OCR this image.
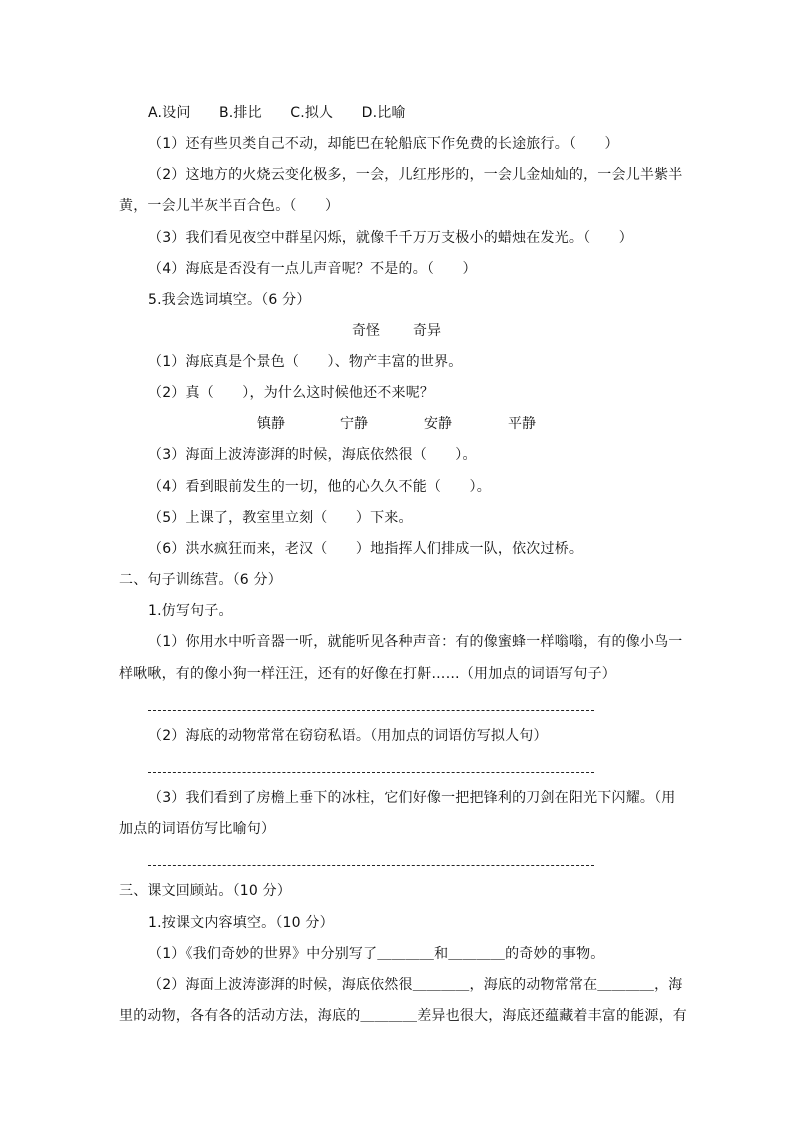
A.设问　　B.排比　　C.拟人　　D.比喻
（1）还有些贝类自己不动，却能巴在轮船底下作免费的长途旅行。（　　）
（2）这地方的火烧云变化极多，一会，儿红彤彤的，一会儿金灿灿的，一会儿半紫半
黄，一会儿半灰半百合色。（　　）
（3）我们看见夜空中群星闪烁，就像千千万万支极小的蜡烛在发光。（　　）
（4）海底是否没有一点儿声音呢？不是的。（　　）
5.我会选词填空。（6 分）
奇怪 奇异
（1）海底真是个景色（　　）、物产丰富的世界。
（2）真（　　），为什么这时候他还不来呢？
镇静	宁静	安静	平静
（3）海面上波涛澎湃的时候，海底依然很（　　）。
（4）看到眼前发生的一切，他的心久久不能（　　）。
（5）上课了，教室里立刻（　　）下来。
（6）洪水疯狂而来，老汉（　　）地指挥人们排成一队，依次过桥。
二、句子训练营。（6 分）
1.仿写句子。
（1）你用水中听音器一听，就能听见各种声音：有的像蜜蜂一样嗡嗡，有的像小鸟一
样啾啾，有的像小狗一样汪汪，还有的好像在打鼾……（用加点的词语写句子）
（2）海底的动物常常在窃窃私语。（用加点的词语仿写拟人句）
（3）我们看到了房檐上垂下的冰柱，它们好像一把把锋利的刀剑在阳光下闪耀。（用
加点的词语仿写比喻句）
三、课文回顾站。（10 分）
1.按课文内容填空。（10 分）
（1）《我们奇妙的世界》中分别写了＿＿＿＿和＿＿＿＿的奇妙的事物。
（2）海面上波涛澎湃的时候，海底依然很＿＿＿＿，海底的动物常常在＿＿＿＿，海
里的动物，各有各的活动方法，海底的＿＿＿＿差异也很大，海底还蕴藏着丰富的能源，有
